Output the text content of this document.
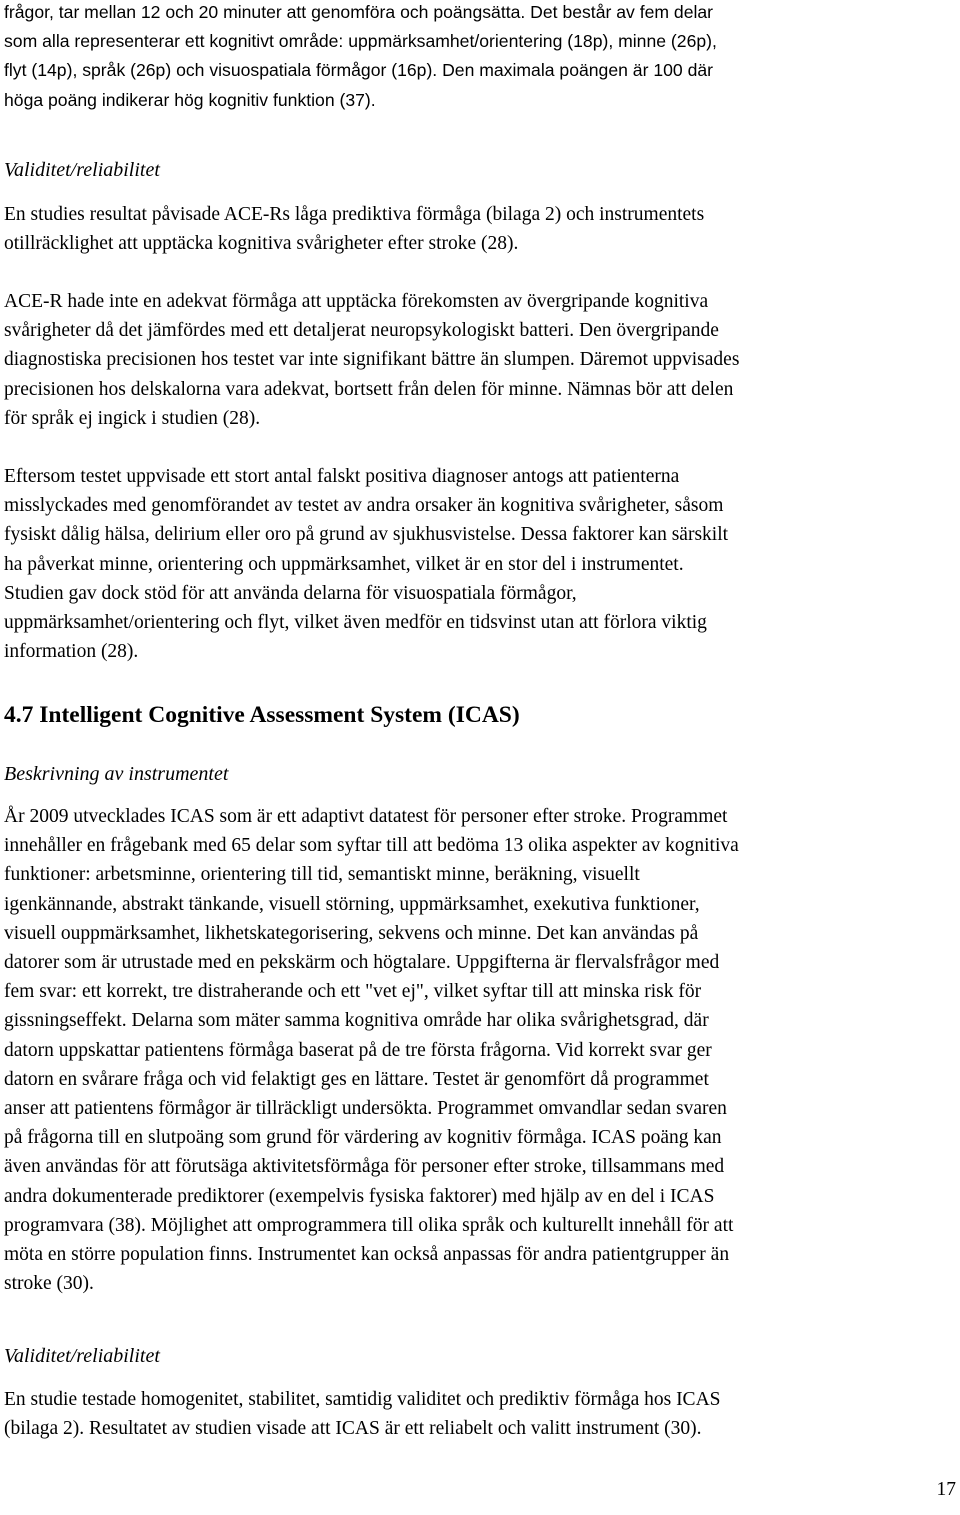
frågor, tar mellan 12 och 20 minuter att genomföra och poängsätta. Det består av fem delar
som alla representerar ett kognitivt område: uppmärksamhet/orientering (18p), minne (26p),
flyt (14p), språk (26p) och visuospatiala förmågor (16p). Den maximala poängen är 100 där
höga poäng indikerar hög kognitiv funktion (37).

Validitet/reliabilitet

En studies resultat påvisade ACE-Rs låga prediktiva förmåga (bilaga 2) och instrumentets
otillräcklighet att upptäcka kognitiva svårigheter efter stroke (28).

ACE-R hade inte en adekvat förmåga att upptäcka förekomsten av övergripande kognitiva
svårigheter då det jämfördes med ett detaljerat neuropsykologiskt batteri. Den övergripande
diagnostiska precisionen hos testet var inte signifikant bättre än slumpen. Däremot uppvisades
precisionen hos delskalorna vara adekvat, bortsett från delen för minne. Nämnas bör att delen
för språk ej ingick i studien (28).

Eftersom testet uppvisade ett stort antal falskt positiva diagnoser antogs att patienterna
misslyckades med genomförandet av testet av andra orsaker än kognitiva svårigheter, såsom
fysiskt dålig hälsa, delirium eller oro på grund av sjukhusvistelse. Dessa faktorer kan särskilt
ha påverkat minne, orientering och uppmärksamhet, vilket är en stor del i instrumentet.
Studien gav dock stöd för att använda delarna för visuospatiala förmågor,
uppmärksamhet/orientering och flyt, vilket även medför en tidsvinst utan att förlora viktig
information (28).

4.7 Intelligent Cognitive Assessment System (ICAS)

Beskrivning av instrumentet

År 2009 utvecklades ICAS som är ett adaptivt datatest för personer efter stroke. Programmet
innehåller en frågebank med 65 delar som syftar till att bedöma 13 olika aspekter av kognitiva
funktioner: arbetsminne, orientering till tid, semantiskt minne, beräkning, visuellt
igenkännande, abstrakt tänkande, visuell störning, uppmärksamhet, exekutiva funktioner,
visuell ouppmärksamhet, likhetskategorisering, sekvens och minne. Det kan användas på
datorer som är utrustade med en pekskärm och högtalare. Uppgifterna är flervalsfrågor med
fem svar: ett korrekt, tre distraherande och ett "vet ej", vilket syftar till att minska risk för
gissningseffekt. Delarna som mäter samma kognitiva område har olika svårighetsgrad, där
datorn uppskattar patientens förmåga baserat på de tre första frågorna. Vid korrekt svar ger
datorn en svårare fråga och vid felaktigt ges en lättare. Testet är genomfört då programmet
anser att patientens förmågor är tillräckligt undersökta. Programmet omvandlar sedan svaren
på frågorna till en slutpoäng som grund för värdering av kognitiv förmåga. ICAS poäng kan
även användas för att förutsäga aktivitetsförmåga för personer efter stroke, tillsammans med
andra dokumenterade prediktorer (exempelvis fysiska faktorer) med hjälp av en del i ICAS
programvara (38). Möjlighet att omprogrammera till olika språk och kulturellt innehåll för att
möta en större population finns. Instrumentet kan också anpassas för andra patientgrupper än
stroke (30).

Validitet/reliabilitet

En studie testade homogenitet, stabilitet, samtidig validitet och prediktiv förmåga hos ICAS
(bilaga 2). Resultatet av studien visade att ICAS är ett reliabelt och valitt instrument (30).

17
